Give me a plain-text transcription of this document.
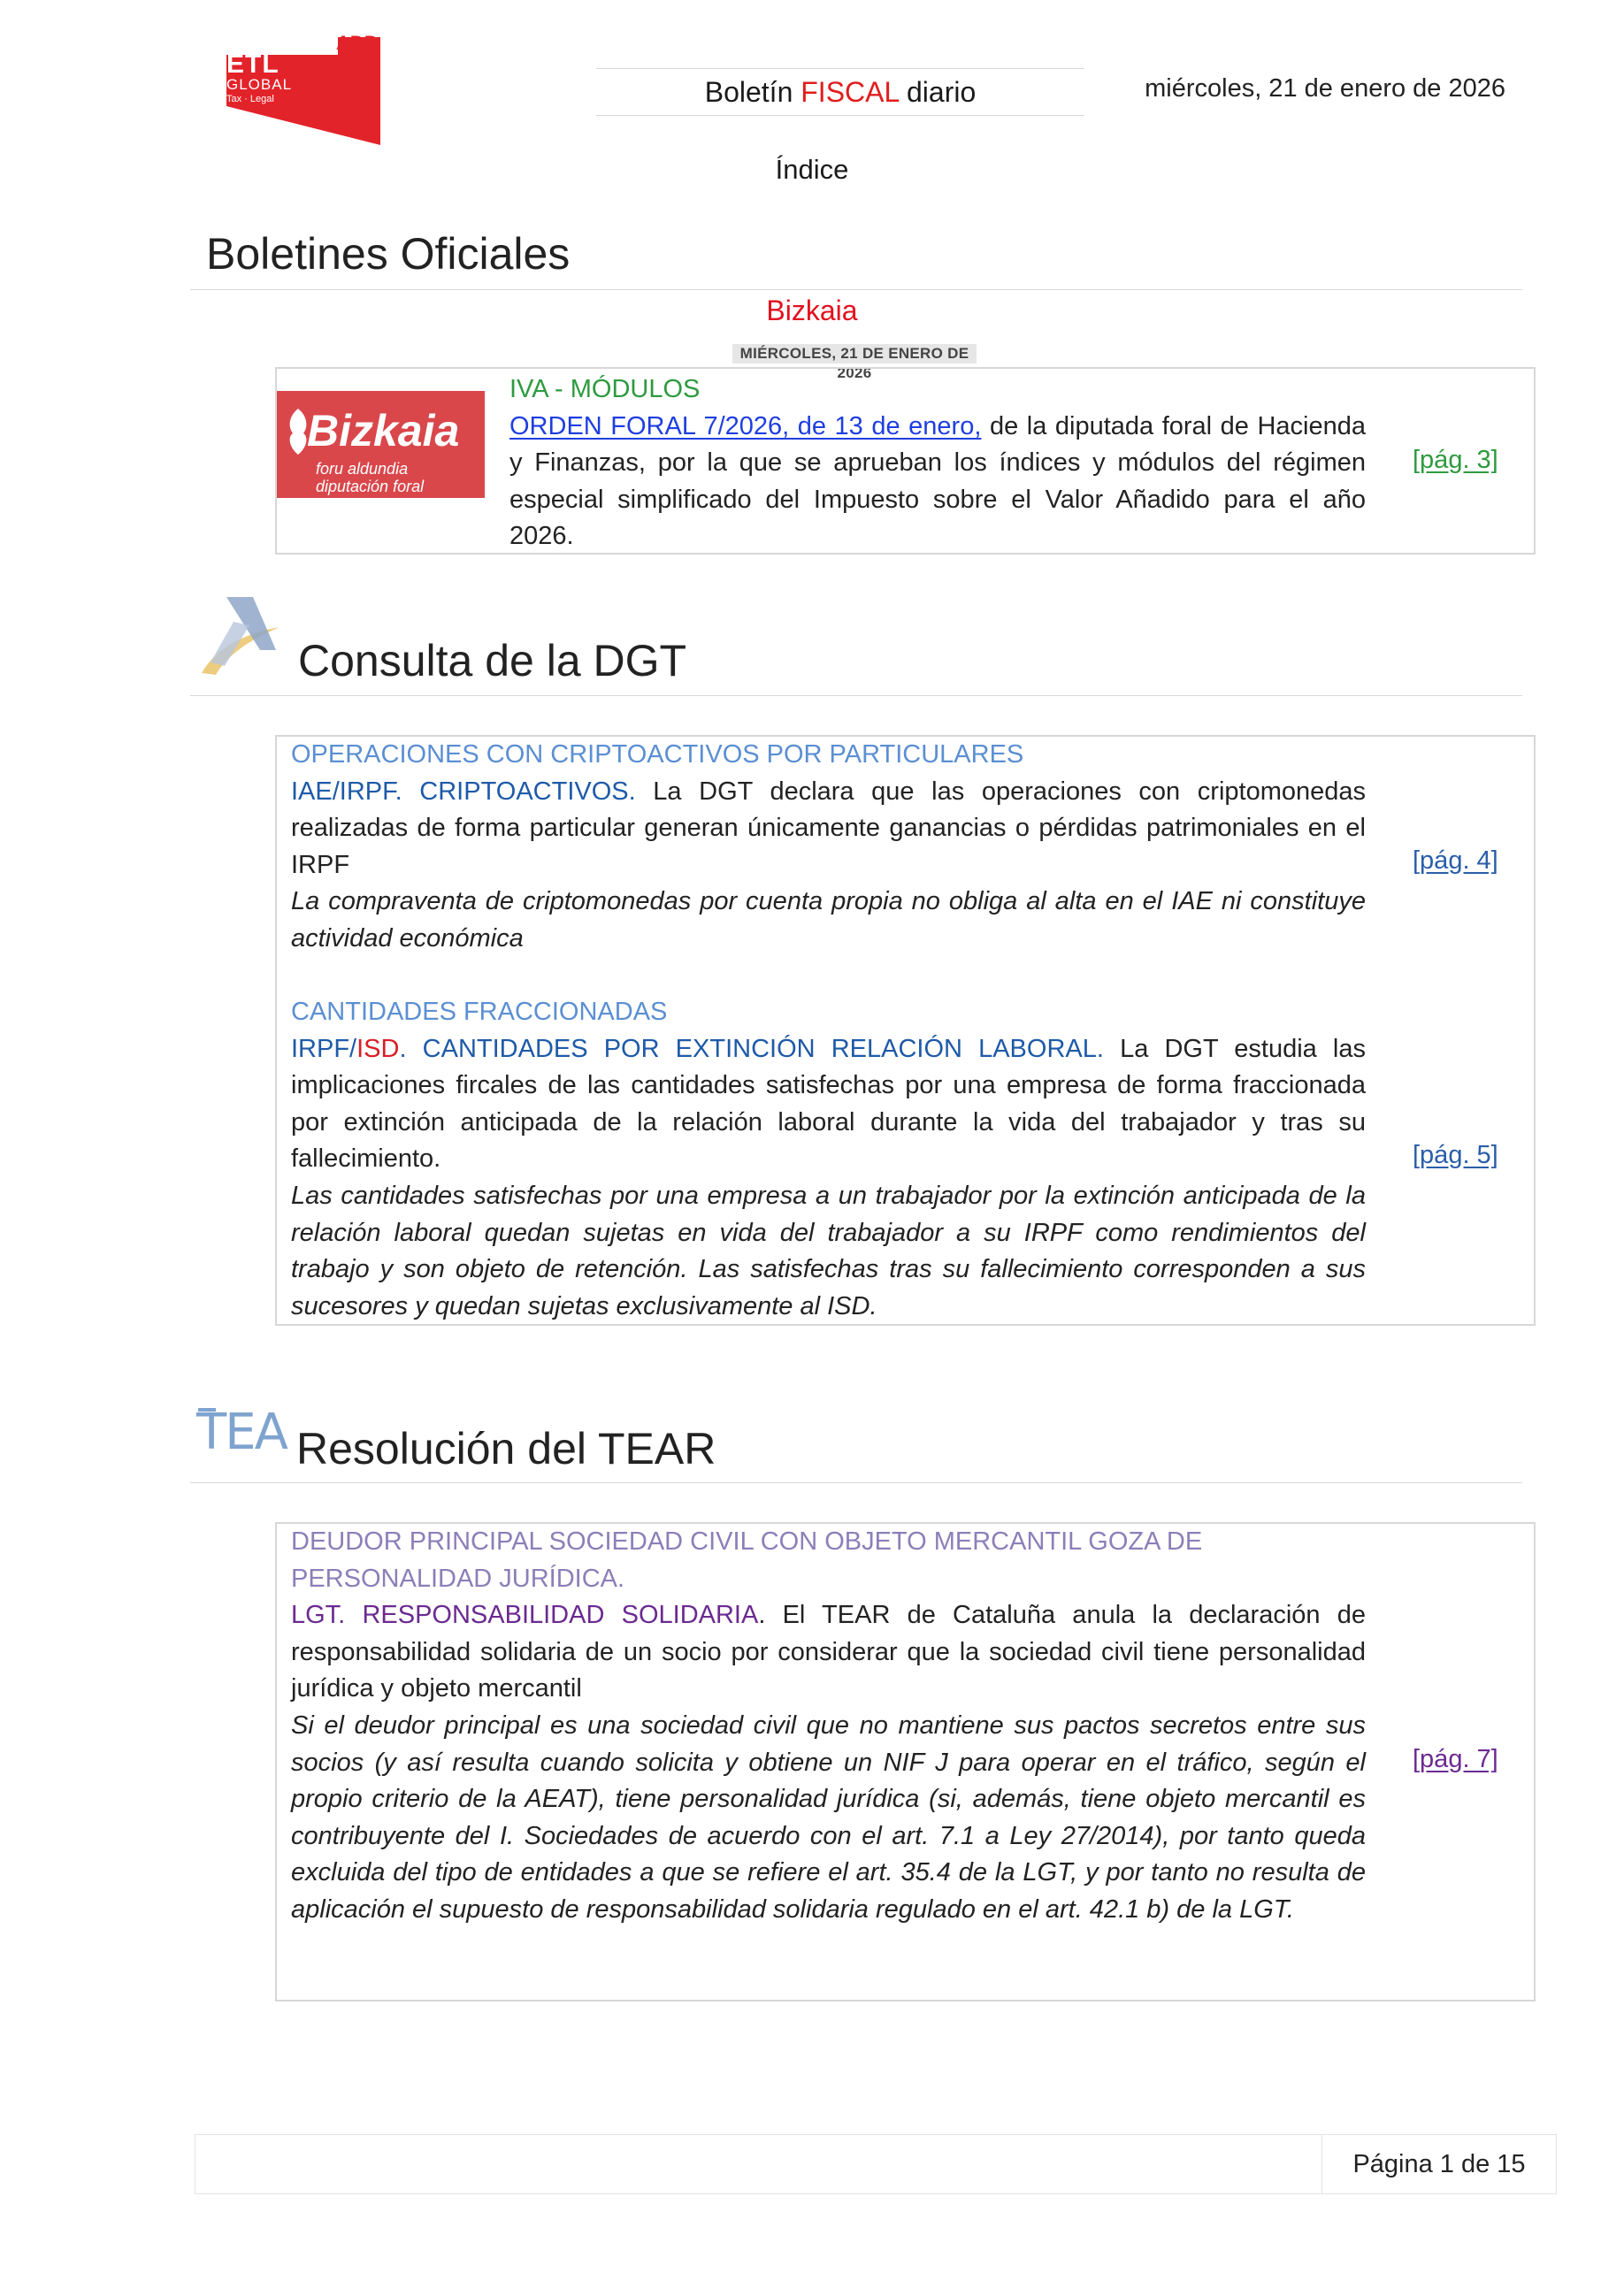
ADD
ETL
GLOBAL
Tax · Legal	Boletín FISCAL diario	miércoles, 21 de enero de 2026
Índice
Boletines Oficiales
Bizkaia
MIÉRCOLES, 21 DE ENERO DE 2026
Bizkaia
foru aldundia
diputación foral
IVA - MÓDULOS
ORDEN FORAL 7/2026, de 13 de enero, de la diputada foral de Hacienda y Finanzas, por la que se aprueban los índices y módulos del régimen especial simplificado del Impuesto sobre el Valor Añadido para el año 2026.
[pág. 3]
Consulta de la DGT
OPERACIONES CON CRIPTOACTIVOS POR PARTICULARES

IAE/IRPF. CRIPTOACTIVOS. La DGT declara que las operaciones con criptomonedas realizadas de forma particular generan únicamente ganancias o pérdidas patrimoniales en el IRPF

La compraventa de criptomonedas por cuenta propia no obliga al alta en el IAE ni constituye actividad económica

[pág. 4]
CANTIDADES FRACCIONADAS

IRPF/ISD. CANTIDADES POR EXTINCIÓN RELACIÓN LABORAL. La DGT estudia las implicaciones fircales de las cantidades satisfechas por una empresa de forma fraccionada por extinción anticipada de la relación laboral durante la vida del trabajador y tras su fallecimiento.

Las cantidades satisfechas por una empresa a un trabajador por la extinción anticipada de la relación laboral quedan sujetas en vida del trabajador a su IRPF como rendimientos del trabajo y son objeto de retención. Las satisfechas tras su fallecimiento corresponden a sus sucesores y quedan sujetas exclusivamente al ISD.

[pág. 5]
TEA Resolución del TEAR
DEUDOR PRINCIPAL SOCIEDAD CIVIL CON OBJETO MERCANTIL GOZA DE PERSONALIDAD JURÍDICA.

LGT. RESPONSABILIDAD SOLIDARIA. El TEAR de Cataluña anula la declaración de responsabilidad solidaria de un socio por considerar que la sociedad civil tiene personalidad jurídica y objeto mercantil

Si el deudor principal es una sociedad civil que no mantiene sus pactos secretos entre sus socios (y así resulta cuando solicita y obtiene un NIF J para operar en el tráfico, según el propio criterio de la AEAT), tiene personalidad jurídica (si, además, tiene objeto mercantil es contribuyente del I. Sociedades de acuerdo con el art. 7.1 a Ley 27/2014), por tanto queda excluida del tipo de entidades a que se refiere el art. 35.4 de la LGT, y por tanto no resulta de aplicación el supuesto de responsabilidad solidaria regulado en el art. 42.1 b) de la LGT.

[pág. 7]
Página 1 de 15
